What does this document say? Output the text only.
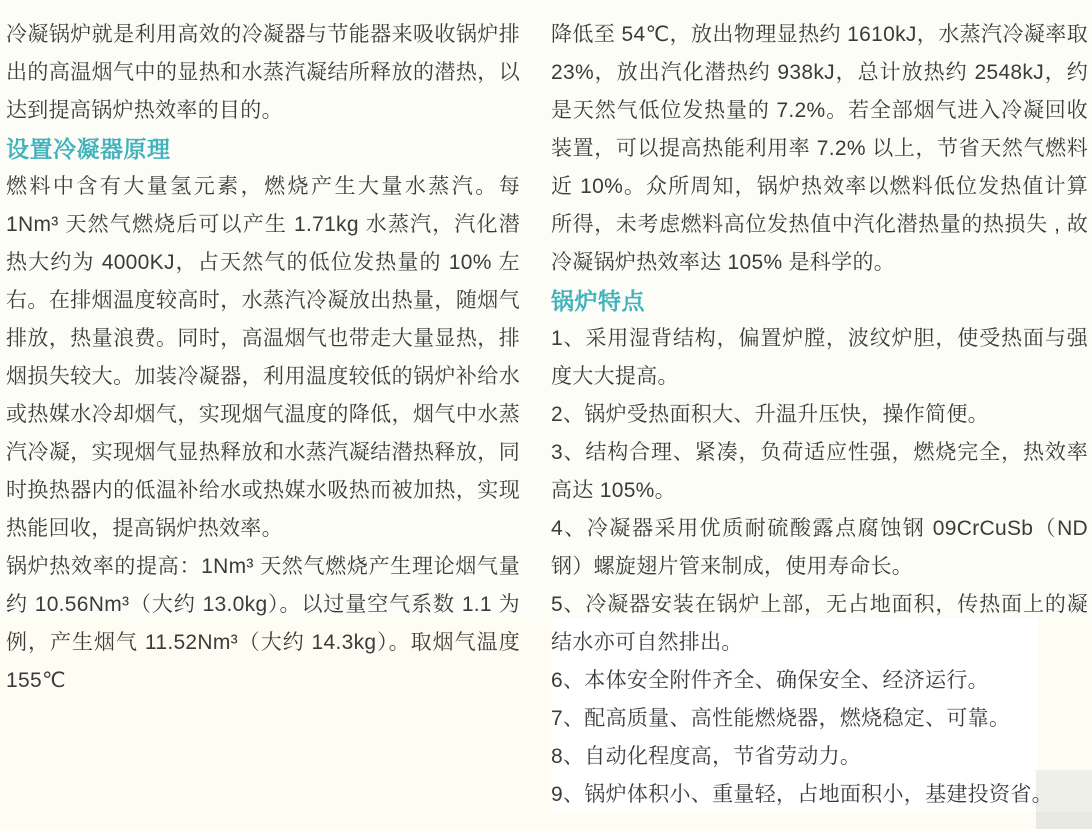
冷凝锅炉就是利用高效的冷凝器与节能器来吸收锅炉排出的高温烟气中的显热和水蒸汽凝结所释放的潜热，以达到提高锅炉热效率的目的。

设置冷凝器原理

燃料中含有大量氢元素，燃烧产生大量水蒸汽。每 1Nm³ 天然气燃烧后可以产生 1.71kg 水蒸汽，汽化潜热大约为 4000KJ，占天然气的低位发热量的 10% 左右。在排烟温度较高时，水蒸汽冷凝放出热量，随烟气排放，热量浪费。同时，高温烟气也带走大量显热，排烟损失较大。加装冷凝器，利用温度较低的锅炉补给水或热媒水冷却烟气，实现烟气温度的降低，烟气中水蒸汽冷凝，实现烟气显热释放和水蒸汽凝结潜热释放，同时换热器内的低温补给水或热媒水吸热而被加热，实现热能回收，提高锅炉热效率。

锅炉热效率的提高：1Nm³ 天然气燃烧产生理论烟气量约 10.56Nm³（大约 13.0kg）。以过量空气系数 1.1 为例，产生烟气 11.52Nm³（大约 14.3kg）。取烟气温度 155℃

降低至 54℃，放出物理显热约 1610kJ，水蒸汽冷凝率取 23%，放出汽化潜热约 938kJ，总计放热约 2548kJ，约是天然气低位发热量的 7.2%。若全部烟气进入冷凝回收装置，可以提高热能利用率 7.2% 以上，节省天然气燃料近 10%。众所周知，锅炉热效率以燃料低位发热值计算所得，未考虑燃料高位发热值中汽化潜热量的热损失 , 故冷凝锅炉热效率达 105% 是科学的。

锅炉特点

1、采用湿背结构，偏置炉膛，波纹炉胆，使受热面与强度大大提高。

2、锅炉受热面积大、升温升压快，操作简便。

3、结构合理、紧凑，负荷适应性强，燃烧完全，热效率高达 105%。

4、冷凝器采用优质耐硫酸露点腐蚀钢 09CrCuSb（ND 钢）螺旋翅片管来制成，使用寿命长。

5、冷凝器安装在锅炉上部，无占地面积，传热面上的凝结水亦可自然排出。

6、本体安全附件齐全、确保安全、经济运行。

7、配高质量、高性能燃烧器，燃烧稳定、可靠。

8、自动化程度高，节省劳动力。

9、锅炉体积小、重量轻，占地面积小，基建投资省。
